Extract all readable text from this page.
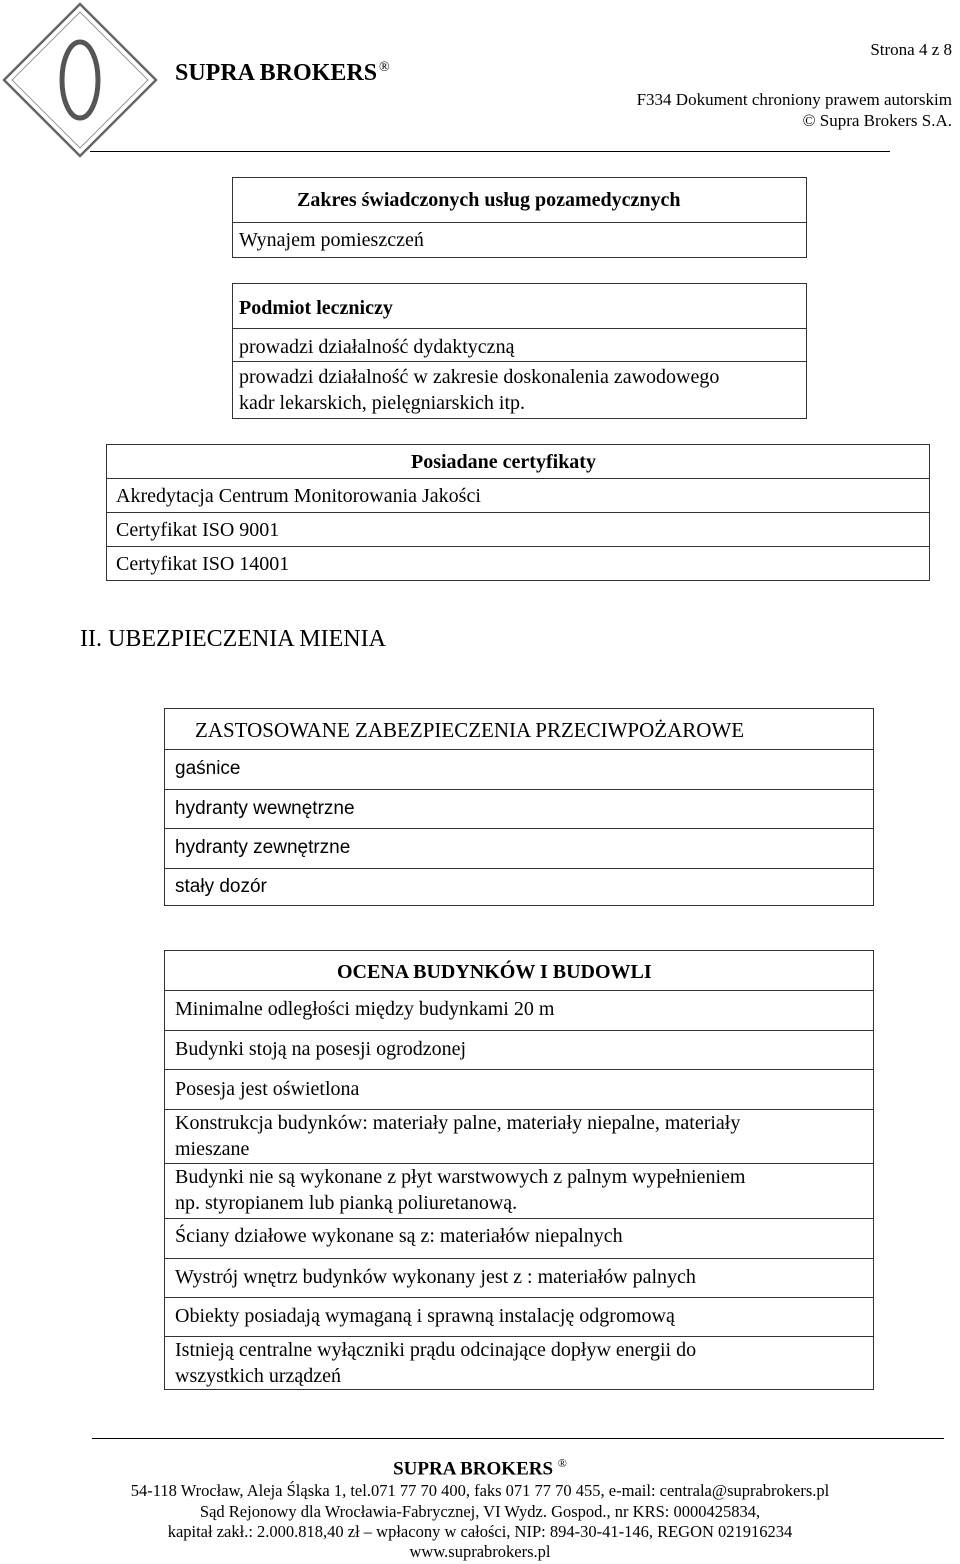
SUPRA BROKERS ®
Strona 4 z 8
F334 Dokument chroniony prawem autorskim
© Supra Brokers S.A.
Zakres świadczonych usług pozamedycznych
Wynajem pomieszczeń
Podmiot leczniczy
prowadzi działalność dydaktyczną
prowadzi działalność w zakresie doskonalenia zawodowego
kadr lekarskich, pielęgniarskich itp.
Posiadane certyfikaty
Akredytacja Centrum Monitorowania Jakości
Certyfikat ISO 9001
Certyfikat ISO 14001
II. UBEZPIECZENIA MIENIA
ZASTOSOWANE ZABEZPIECZENIA PRZECIWPOŻAROWE
gaśnice
hydranty wewnętrzne
hydranty zewnętrzne
stały dozór
OCENA BUDYNKÓW I BUDOWLI
Minimalne odległości między budynkami 20 m
Budynki stoją na posesji ogrodzonej
Posesja jest oświetlona
Konstrukcja budynków: materiały palne, materiały niepalne, materiały
mieszane
Budynki nie są wykonane z płyt warstwowych z palnym wypełnieniem
np. styropianem lub pianką poliuretanową.
Ściany działowe wykonane są z: materiałów niepalnych
Wystrój wnętrz budynków wykonany jest z : materiałów palnych
Obiekty posiadają wymaganą i sprawną instalację odgromową
Istnieją centralne wyłączniki prądu odcinające dopływ energii do
wszystkich urządzeń
SUPRA BROKERS ®
54-118 Wrocław, Aleja Śląska 1, tel.071 77 70 400, faks 071 77 70 455, e-mail: centrala@suprabrokers.pl
Sąd Rejonowy dla Wrocławia-Fabrycznej, VI Wydz. Gospod., nr KRS: 0000425834,
kapitał zakł.: 2.000.818,40 zł – wpłacony w całości, NIP: 894-30-41-146, REGON 021916234
www.suprabrokers.pl
